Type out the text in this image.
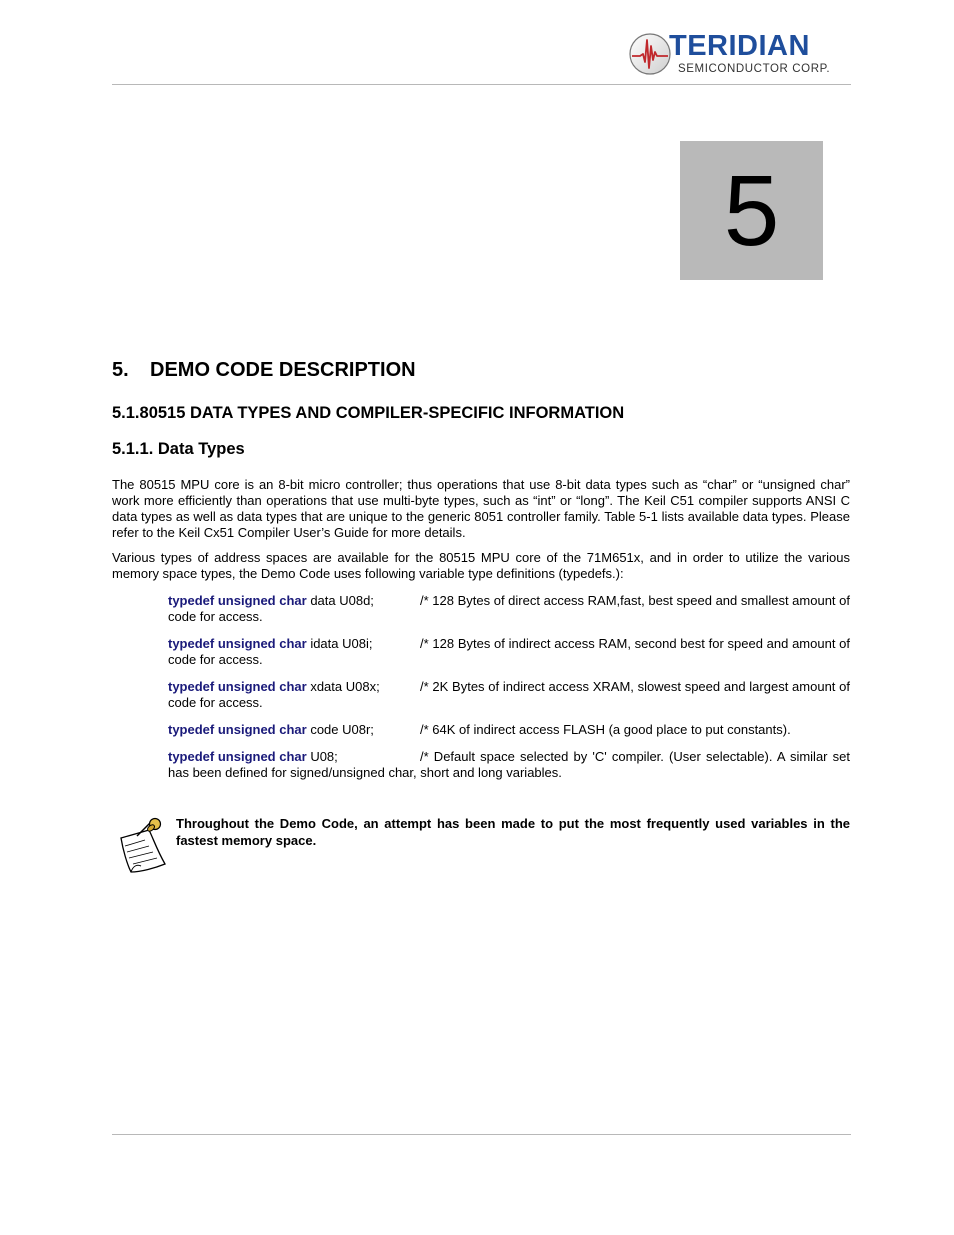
TERIDIAN
SEMICONDUCTOR CORP.
5
5. DEMO CODE DESCRIPTION
5.1.80515 DATA TYPES AND COMPILER-SPECIFIC INFORMATION
5.1.1. Data Types

The 80515 MPU core is an 8-bit micro controller; thus operations that use 8-bit data types such as “char” or “unsigned char” work more efficiently than operations that use multi-byte types, such as “int” or “long”. The Keil C51 compiler supports ANSI C data types as well as data types that are unique to the generic 8051 controller family. Table 5-1 lists available data types. Please refer to the Keil Cx51 Compiler User’s Guide for more details.

Various types of address spaces are available for the 80515 MPU core of the 71M651x, and in order to utilize the various memory space types, the Demo Code uses following variable type definitions (typedefs.):

typedef unsigned char data U08d;	/* 128 Bytes of direct access RAM,fast, best speed and smallest amount of code for access.

typedef unsigned char idata U08i;	/* 128 Bytes of indirect access RAM, second best for speed and amount of code for access.

typedef unsigned char xdata U08x;	/* 2K Bytes of indirect access XRAM, slowest speed and largest amount of code for access.

typedef unsigned char code U08r;	/* 64K of indirect access FLASH (a good place to put constants).

typedef unsigned char U08;	/* Default space selected by 'C' compiler. (User selectable). A similar set has been defined for signed/unsigned char, short and long variables.

Throughout the Demo Code, an attempt has been made to put the most frequently used variables in the fastest memory space.
